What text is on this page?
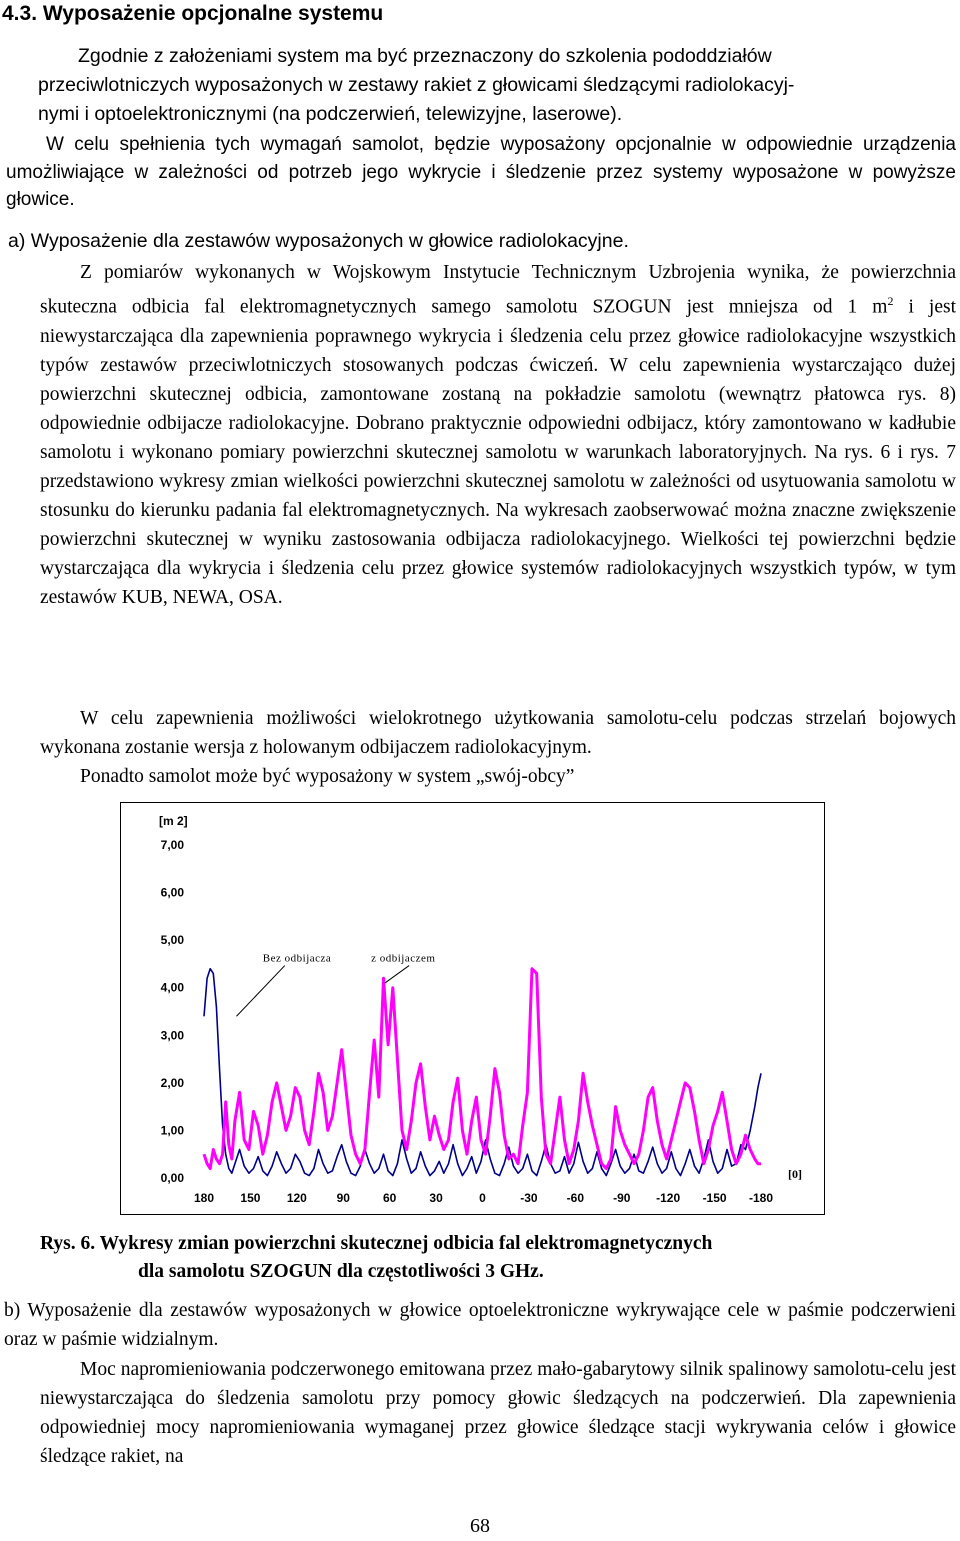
4.3. Wyposażenie opcjonalne systemu
Zgodnie z założeniami system ma być przeznaczony do szkolenia pododdziałów
przeciwlotniczych wyposażonych w zestawy rakiet z głowicami śledzącymi radiolokacyj-
nymi i optoelektronicznymi (na podczerwień, telewizyjne, laserowe).

W celu spełnienia tych wymagań samolot, będzie wyposażony opcjonalnie w odpowiednie urządzenia umożliwiające w zależności od potrzeb jego wykrycie i śledzenie przez systemy wyposażone w powyższe głowice.

a) Wyposażenie dla zestawów wyposażonych w głowice radiolokacyjne.

Z pomiarów wykonanych w Wojskowym Instytucie Technicznym Uzbrojenia wynika, że powierzchnia skuteczna odbicia fal elektromagnetycznych samego samolotu SZOGUN jest mniejsza od 1 $m^2$ i jest niewystarczająca dla zapewnienia poprawnego wykrycia i śledzenia celu przez głowice radiolokacyjne wszystkich typów zestawów przeciwlotniczych stosowanych podczas ćwiczeń. W celu zapewnienia wystarczająco dużej powierzchni skutecznej odbicia, zamontowane zostaną na pokładzie samolotu (wewnątrz płatowca rys. 8) odpowiednie odbijacze radiolokacyjne. Dobrano praktycznie odpowiedni odbijacz, który zamontowano w kadłubie samolotu i wykonano pomiary powierzchni skutecznej samolotu w warunkach laboratoryjnych. Na rys. 6 i rys. 7 przedstawiono wykresy zmian wielkości powierzchni skutecznej samolotu w zależności od usytuowania samolotu w stosunku do kierunku padania fal elektromagnetycznych. Na wykresach zaobserwować można znaczne zwiększenie powierzchni skutecznej w wyniku zastosowania odbijacza radiolokacyjnego. Wielkości tej powierzchni będzie wystarczająca dla wykrycia i śledzenia celu przez głowice systemów radiolokacyjnych wszystkich typów, w tym zestawów KUB, NEWA, OSA.

W celu zapewnienia możliwości wielokrotnego użytkowania samolotu-celu podczas strzelań bojowych wykonana zostanie wersja z holowanym odbijaczem radiolokacyjnym.

Ponadto samolot może być wyposażony w system „swój-obcy”

[m 2]
7,00
6,00
5,00
4,00
3,00
2,00
1,00
0,00
180 150 120 90	60	30	0	-30 -60 -90 -120 -150 -180
[0]
Bez odbijacza	z odbijaczem
Rys. 6. Wykresy zmian powierzchni skutecznej odbicia fal elektromagnetycznych
dla samolotu SZOGUN dla częstotliwości 3 GHz.

b) Wyposażenie dla zestawów wyposażonych w głowice optoelektroniczne wykrywające cele w paśmie podczerwieni oraz w paśmie widzialnym.

Moc napromieniowania podczerwonego emitowana przez mało-gabarytowy silnik spalinowy samolotu-celu jest niewystarczająca do śledzenia samolotu przy pomocy głowic śledzących na podczerwień. Dla zapewnienia odpowiedniej mocy napromieniowania wymaganej przez głowice śledzące stacji wykrywania celów i głowice śledzące rakiet, na

68
